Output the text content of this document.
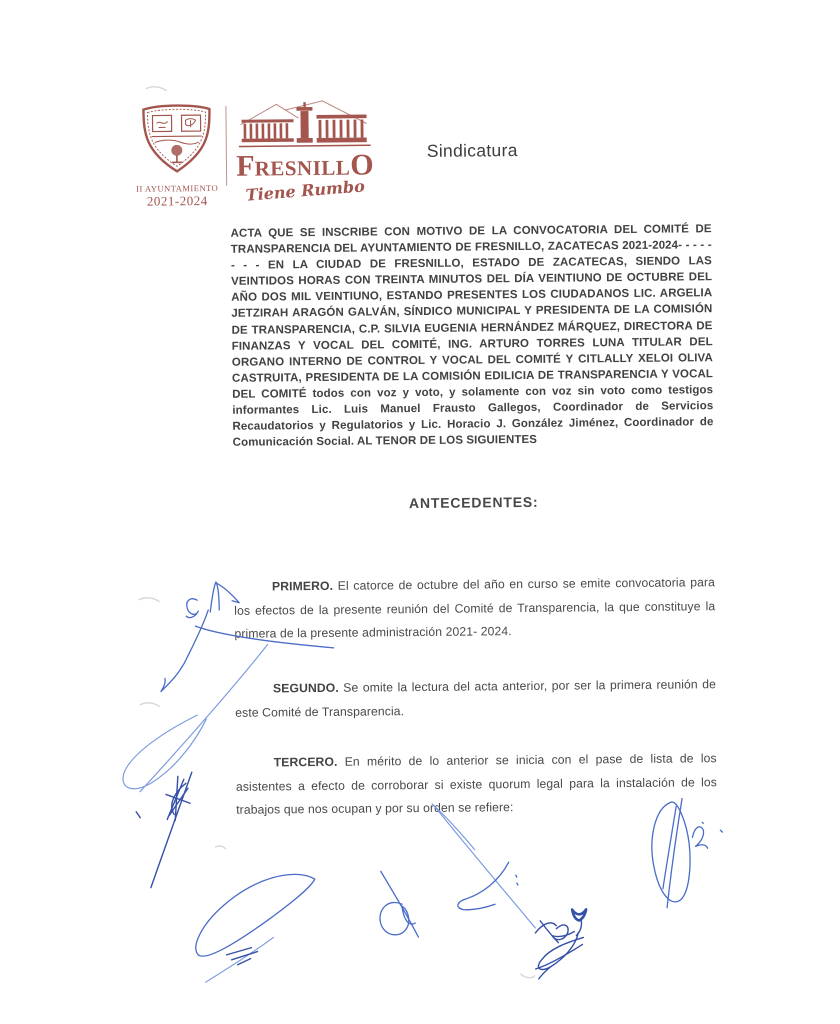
II AYUNTAMIENTO
2021-2024
FRESNILLO
Tiene Rumbo
Sindicatura

ACTA QUE SE INSCRIBE CON MOTIVO DE LA CONVOCATORIA DEL COMITÉ DE TRANSPARENCIA DEL AYUNTAMIENTO DE FRESNILLO, ZACATECAS 2021-2024- - - - - - - - EN LA CIUDAD DE FRESNILLO, ESTADO DE ZACATECAS, SIENDO LAS VEINTIDOS HORAS CON TREINTA MINUTOS DEL DÍA VEINTIUNO DE OCTUBRE DEL AÑO DOS MIL VEINTIUNO, ESTANDO PRESENTES LOS CIUDADANOS LIC. ARGELIA JETZIRAH ARAGÓN GALVÁN, SÍNDICO MUNICIPAL Y PRESIDENTA DE LA COMISIÓN DE TRANSPARENCIA, C.P. SILVIA EUGENIA HERNÁNDEZ MÁRQUEZ, DIRECTORA DE FINANZAS Y VOCAL DEL COMITÉ, ING. ARTURO TORRES LUNA TITULAR DEL ORGANO INTERNO DE CONTROL Y VOCAL DEL COMITÉ Y CITLALLY XELOI OLIVA CASTRUITA, PRESIDENTA DE LA COMISIÓN EDILICIA DE TRANSPARENCIA Y VOCAL DEL COMITÉ todos con voz y voto, y solamente con voz sin voto como testigos informantes Lic. Luis Manuel Frausto Gallegos, Coordinador de Servicios Recaudatorios y Regulatorios y Lic. Horacio J. González Jiménez, Coordinador de Comunicación Social. AL TENOR DE LOS SIGUIENTES

ANTECEDENTES:

PRIMERO. El catorce de octubre del año en curso se emite convocatoria para los efectos de la presente reunión del Comité de Transparencia, la que constituye la primera de la presente administración 2021- 2024.

SEGUNDO. Se omite la lectura del acta anterior, por ser la primera reunión de este Comité de Transparencia.

TERCERO. En mérito de lo anterior se inicia con el pase de lista de los asistentes a efecto de corroborar si existe quorum legal para la instalación de los trabajos que nos ocupan y por su orden se refiere:
